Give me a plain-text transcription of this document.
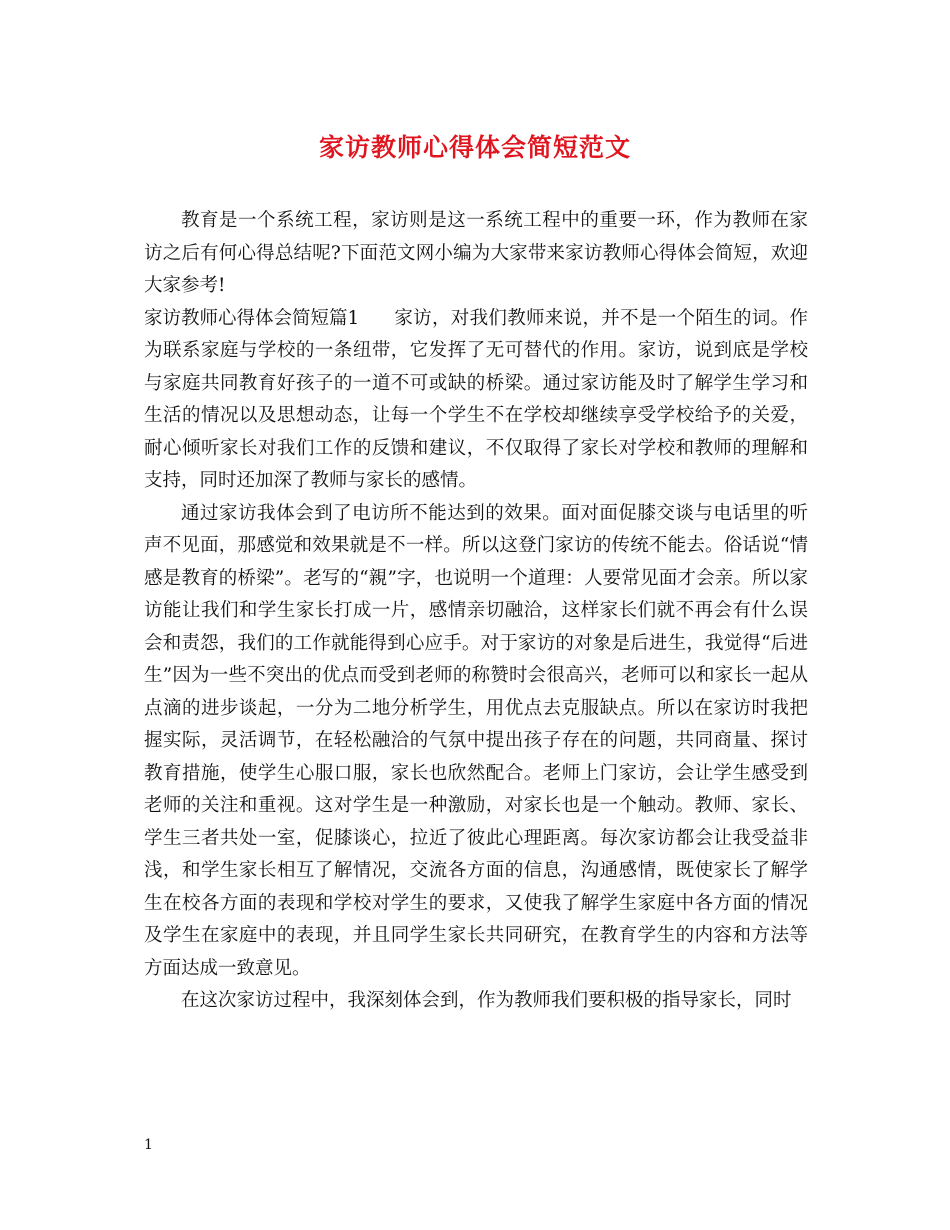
家访教师心得体会简短范文

教育是一个系统工程，家访则是这一系统工程中的重要一环，作为教师在家访之后有何心得总结呢?下面范文网小编为大家带来家访教师心得体会简短，欢迎大家参考!

家访教师心得体会简短篇1 家访，对我们教师来说，并不是一个陌生的词。作为联系家庭与学校的一条纽带，它发挥了无可替代的作用。家访，说到底是学校与家庭共同教育好孩子的一道不可或缺的桥梁。通过家访能及时了解学生学习和生活的情况以及思想动态，让每一个学生不在学校却继续享受学校给予的关爱，耐心倾听家长对我们工作的反馈和建议，不仅取得了家长对学校和教师的理解和支持，同时还加深了教师与家长的感情。

通过家访我体会到了电访所不能达到的效果。面对面促膝交谈与电话里的听声不见面，那感觉和效果就是不一样。所以这登门家访的传统不能去。俗话说“情感是教育的桥梁”。老写的“親”字，也说明一个道理：人要常见面才会亲。所以家访能让我们和学生家长打成一片，感情亲切融洽，这样家长们就不再会有什么误会和责怨，我们的工作就能得到心应手。对于家访的对象是后进生，我觉得“后进生”因为一些不突出的优点而受到老师的称赞时会很高兴，老师可以和家长一起从点滴的进步谈起，一分为二地分析学生，用优点去克服缺点。所以在家访时我把握实际，灵活调节，在轻松融洽的气氛中提出孩子存在的问题，共同商量、探讨教育措施，使学生心服口服，家长也欣然配合。老师上门家访，会让学生感受到老师的关注和重视。这对学生是一种激励，对家长也是一个触动。教师、家长、学生三者共处一室，促膝谈心，拉近了彼此心理距离。每次家访都会让我受益非浅，和学生家长相互了解情况，交流各方面的信息，沟通感情，既使家长了解学生在校各方面的表现和学校对学生的要求，又使我了解学生家庭中各方面的情况及学生在家庭中的表现，并且同学生家长共同研究，在教育学生的内容和方法等方面达成一致意见。

在这次家访过程中，我深刻体会到，作为教师我们要积极的指导家长，同时

1
